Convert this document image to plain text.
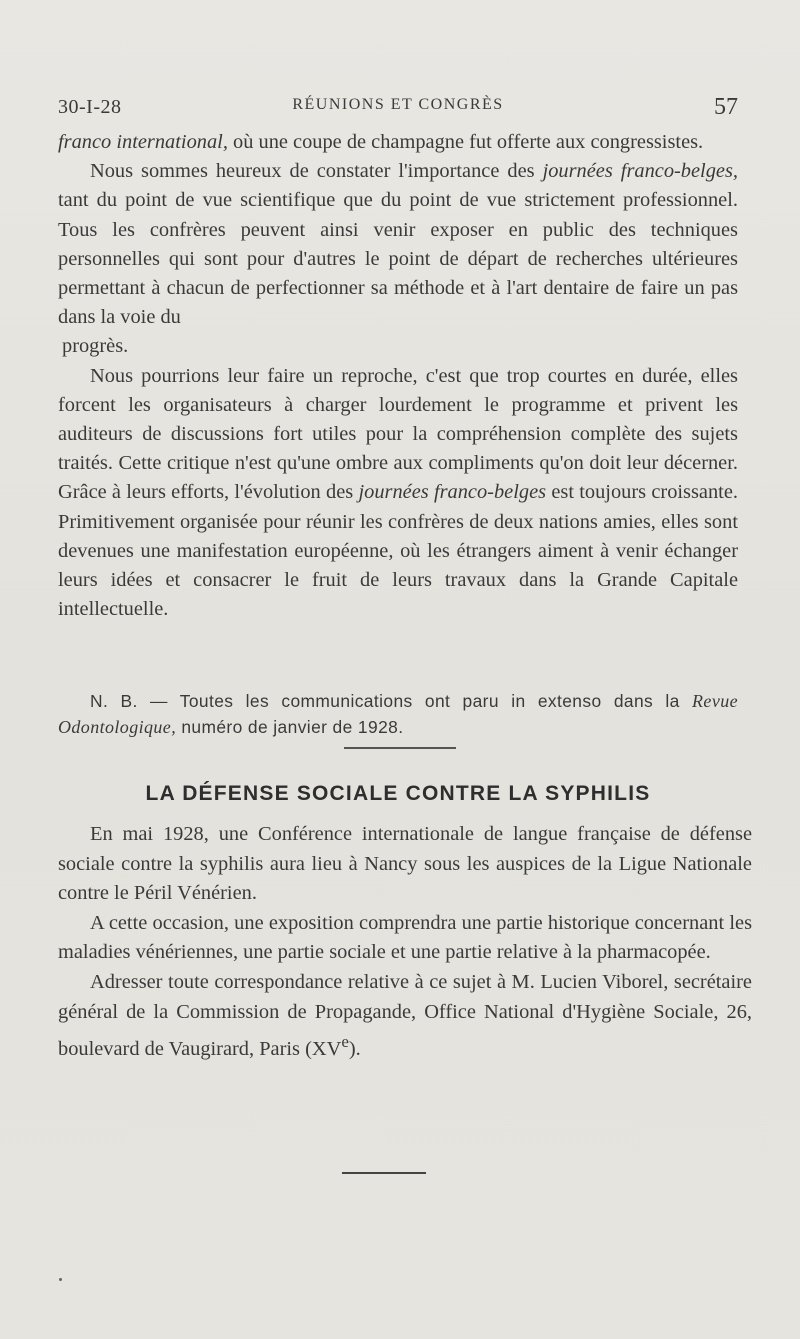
30-I-28	RÉUNIONS ET CONGRÈS	57

franco international, où une coupe de champagne fut offerte aux congressistes.

Nous sommes heureux de constater l'importance des journées franco-belges, tant du point de vue scientifique que du point de vue strictement professionnel. Tous les confrères peuvent ainsi venir exposer en public des techniques personnelles qui sont pour d'autres le point de départ de recherches ultérieures permettant à chacun de perfectionner sa méthode et à l'art dentaire de faire un pas dans la voie du

progrès.

Nous pourrions leur faire un reproche, c'est que trop courtes en durée, elles forcent les organisateurs à charger lourdement le programme et privent les auditeurs de discussions fort utiles pour la compréhension complète des sujets traités. Cette critique n'est qu'une ombre aux compliments qu'on doit leur décerner. Grâce à leurs efforts, l'évolution des journées franco-belges est toujours croissante. Primitivement organisée pour réunir les confrères de deux nations amies, elles sont devenues une manifestation européenne, où les étrangers aiment à venir échanger leurs idées et consacrer le fruit de leurs travaux dans la Grande Capitale intellectuelle.

N. B. — Toutes les communications ont paru in extenso dans la Revue Odontologique, numéro de janvier de 1928.
LA DÉFENSE SOCIALE CONTRE LA SYPHILIS

En mai 1928, une Conférence internationale de langue française de défense sociale contre la syphilis aura lieu à Nancy sous les auspices de la Ligue Nationale contre le Péril Vénérien.

A cette occasion, une exposition comprendra une partie historique concernant les maladies vénériennes, une partie sociale et une partie relative à la pharmacopée.

Adresser toute correspondance relative à ce sujet à M. Lucien Viborel, secrétaire général de la Commission de Propagande, Office National d'Hygiène Sociale, 26, boulevard de Vaugirard, Paris (XVe).
